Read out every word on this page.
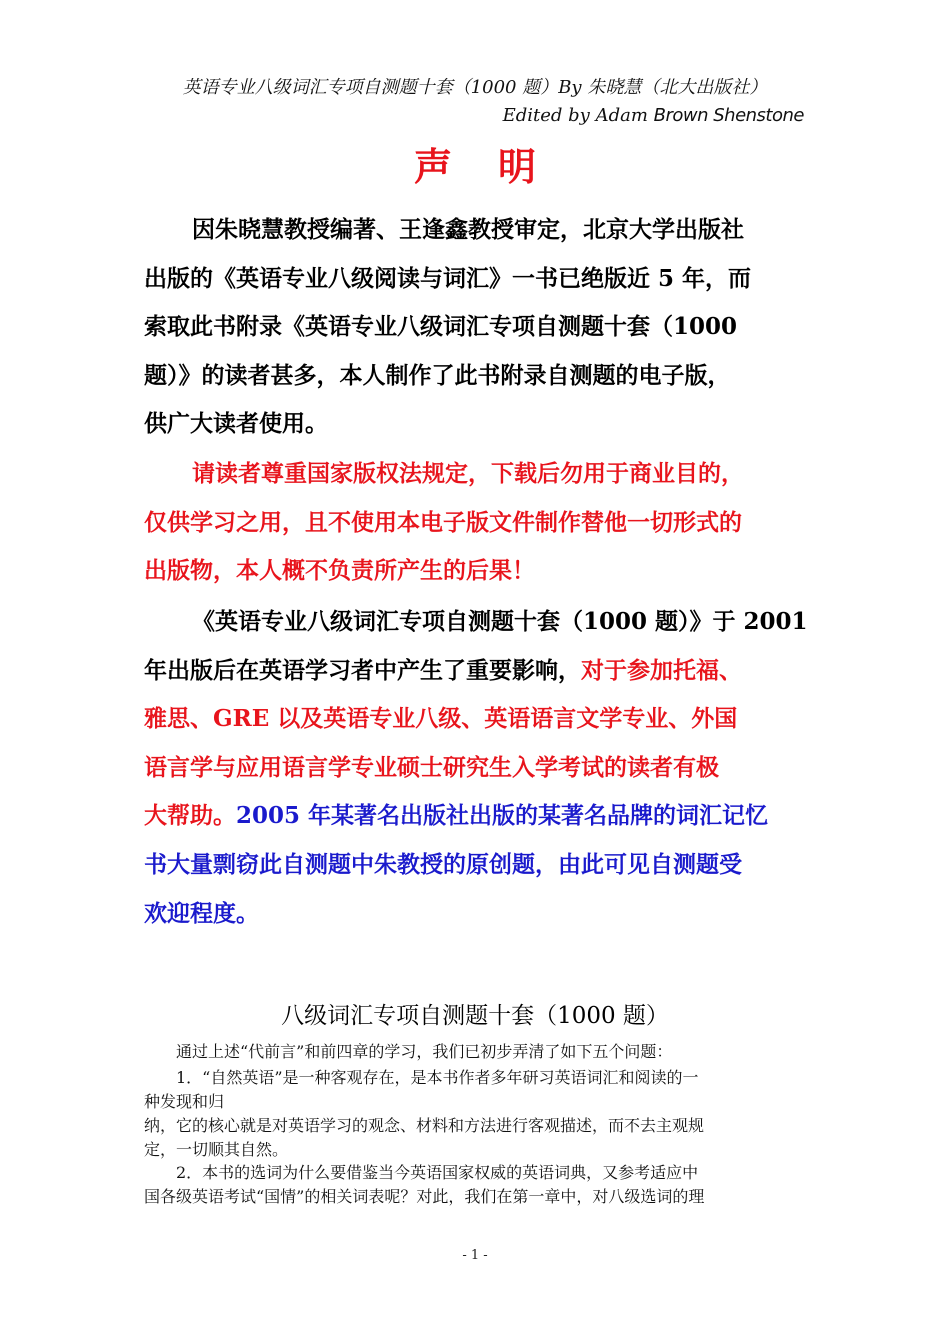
英语专业八级词汇专项自测题十套（1000 题）By 朱晓慧（北大出版社）
Edited by Adam Brown Shenstone
声明
因朱晓慧教授编著、王逢鑫教授审定，北京大学出版社
出版的《英语专业八级阅读与词汇》一书已绝版近 5 年，而
索取此书附录《英语专业八级词汇专项自测题十套（1000
题）》的读者甚多，本人制作了此书附录自测题的电子版，
供广大读者使用。
请读者尊重国家版权法规定，下载后勿用于商业目的，
仅供学习之用，且不使用本电子版文件制作替他一切形式的
出版物，本人概不负责所产生的后果！
《英语专业八级词汇专项自测题十套（1000 题）》于 2001
年出版后在英语学习者中产生了重要影响，对于参加托福、
雅思、GRE 以及英语专业八级、英语语言文学专业、外国
语言学与应用语言学专业硕士研究生入学考试的读者有极
大帮助。2005 年某著名出版社出版的某著名品牌的词汇记忆
书大量剽窃此自测题中朱教授的原创题，由此可见自测题受
欢迎程度。
八级词汇专项自测题十套（1000 题）
通过上述“代前言”和前四章的学习，我们已初步弄清了如下五个问题：
1．“自然英语”是一种客观存在，是本书作者多年研习英语词汇和阅读的一
种发现和归
纳，它的核心就是对英语学习的观念、材料和方法进行客观描述，而不去主观规
定，一切顺其自然。
2．本书的选词为什么要借鉴当今英语国家权威的英语词典，又参考适应中
国各级英语考试“国情”的相关词表呢？对此，我们在第一章中，对八级选词的理
- 1 -
